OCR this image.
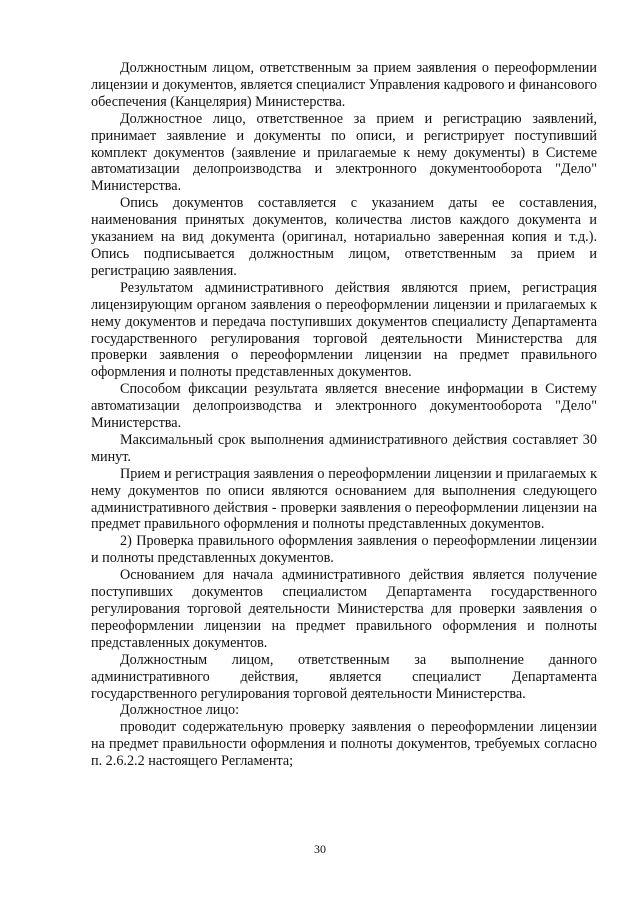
Должностным лицом, ответственным за прием заявления о переоформлении лицензии и документов, является специалист Управления кадрового и финансового обеспечения (Канцелярия) Министерства.

Должностное лицо, ответственное за прием и регистрацию заявлений, принимает заявление и документы по описи, и регистрирует поступивший комплект документов (заявление и прилагаемые к нему документы) в Системе автоматизации делопроизводства и электронного документооборота "Дело" Министерства.

Опись документов составляется с указанием даты ее составления, наименования принятых документов, количества листов каждого документа и указанием на вид документа (оригинал, нотариально заверенная копия и т.д.). Опись подписывается должностным лицом, ответственным за прием и регистрацию заявления.

Результатом административного действия являются прием, регистрация лицензирующим органом заявления о переоформлении лицензии и прилагаемых к нему документов и передача поступивших документов специалисту Департамента государственного регулирования торговой деятельности Министерства для проверки заявления о переоформлении лицензии на предмет правильного оформления и полноты представленных документов.

Способом фиксации результата является внесение информации в Систему автоматизации делопроизводства и электронного документооборота "Дело" Министерства.

Максимальный срок выполнения административного действия составляет 30 минут.

Прием и регистрация заявления о переоформлении лицензии и прилагаемых к нему документов по описи являются основанием для выполнения следующего административного действия - проверки заявления о переоформлении лицензии на предмет правильного оформления и полноты представленных документов.

2) Проверка правильного оформления заявления о переоформлении лицензии и полноты представленных документов.

Основанием для начала административного действия является получение поступивших документов специалистом Департамента государственного регулирования торговой деятельности Министерства для проверки заявления о переоформлении лицензии на предмет правильного оформления и полноты представленных документов.

Должностным лицом, ответственным за выполнение данного административного действия, является специалист Департамента государственного регулирования торговой деятельности Министерства.

Должностное лицо:

проводит содержательную проверку заявления о переоформлении лицензии на предмет правильности оформления и полноты документов, требуемых согласно п. 2.6.2.2 настоящего Регламента;

30
